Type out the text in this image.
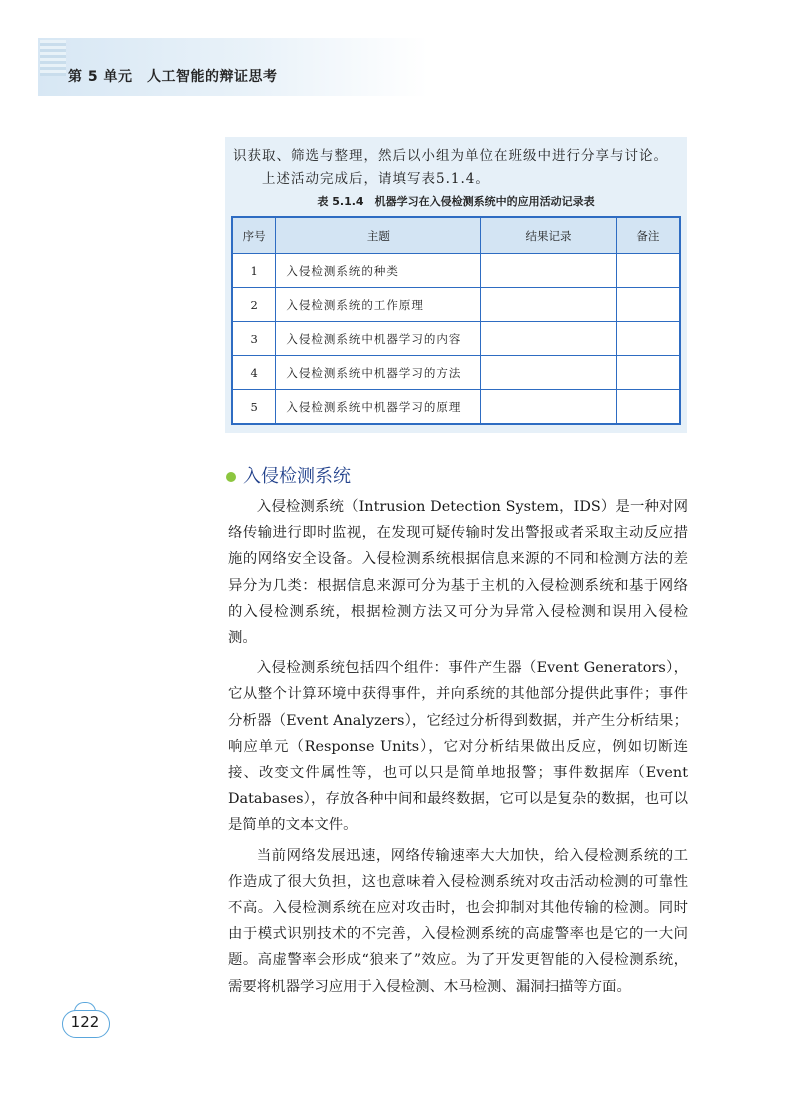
第 5 单元　人工智能的辩证思考
识获取、筛选与整理，然后以小组为单位在班级中进行分享与讨论。
上述活动完成后，请填写表5.1.4。
表 5.1.4　机器学习在入侵检测系统中的应用活动记录表
序号	主题	结果记录	备注
1	入侵检测系统的种类		
2	入侵检测系统的工作原理		
3	入侵检测系统中机器学习的内容		
4	入侵检测系统中机器学习的方法		
5	入侵检测系统中机器学习的原理		
入侵检测系统

入侵检测系统（Intrusion Detection System，IDS）是一种对网络传输进行即时监视，在发现可疑传输时发出警报或者采取主动反应措施的网络安全设备。入侵检测系统根据信息来源的不同和检测方法的差异分为几类：根据信息来源可分为基于主机的入侵检测系统和基于网络的入侵检测系统，根据检测方法又可分为异常入侵检测和误用入侵检测。

入侵检测系统包括四个组件：事件产生器（Event Generators），它从整个计算环境中获得事件，并向系统的其他部分提供此事件；事件分析器（Event Analyzers），它经过分析得到数据，并产生分析结果；响应单元（Response Units），它对分析结果做出反应，例如切断连接、改变文件属性等，也可以只是简单地报警；事件数据库（Event Databases），存放各种中间和最终数据，它可以是复杂的数据，也可以是简单的文本文件。

当前网络发展迅速，网络传输速率大大加快，给入侵检测系统的工作造成了很大负担，这也意味着入侵检测系统对攻击活动检测的可靠性不高。入侵检测系统在应对攻击时，也会抑制对其他传输的检测。同时由于模式识别技术的不完善，入侵检测系统的高虚警率也是它的一大问题。高虚警率会形成“狼来了”效应。为了开发更智能的入侵检测系统，需要将机器学习应用于入侵检测、木马检测、漏洞扫描等方面。

122
